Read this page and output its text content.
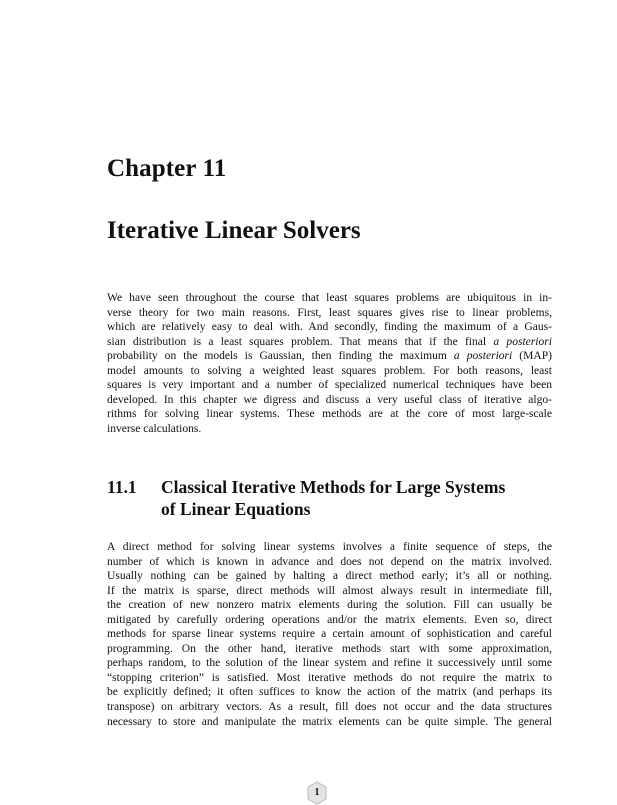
Chapter 11
Iterative Linear Solvers
We have seen throughout the course that least squares problems are ubiquitous in in-
verse theory for two main reasons. First, least squares gives rise to linear problems,
which are relatively easy to deal with. And secondly, finding the maximum of a Gaus-
sian distribution is a least squares problem. That means that if the final a posteriori
probability on the models is Gaussian, then finding the maximum a posteriori (MAP)
model amounts to solving a weighted least squares problem. For both reasons, least
squares is very important and a number of specialized numerical techniques have been
developed. In this chapter we digress and discuss a very useful class of iterative algo-
rithms for solving linear systems. These methods are at the core of most large-scale
inverse calculations.
11.1 Classical Iterative Methods for Large Systems
of Linear Equations
A direct method for solving linear systems involves a finite sequence of steps, the
number of which is known in advance and does not depend on the matrix involved.
Usually nothing can be gained by halting a direct method early; it’s all or nothing.
If the matrix is sparse, direct methods will almost always result in intermediate fill,
the creation of new nonzero matrix elements during the solution. Fill can usually be
mitigated by carefully ordering operations and/or the matrix elements. Even so, direct
methods for sparse linear systems require a certain amount of sophistication and careful
programming. On the other hand, iterative methods start with some approximation,
perhaps random, to the solution of the linear system and refine it successively until some
“stopping criterion” is satisfied. Most iterative methods do not require the matrix to
be explicitly defined; it often suffices to know the action of the matrix (and perhaps its
transpose) on arbitrary vectors. As a result, fill does not occur and the data structures
necessary to store and manipulate the matrix elements can be quite simple. The general
1
